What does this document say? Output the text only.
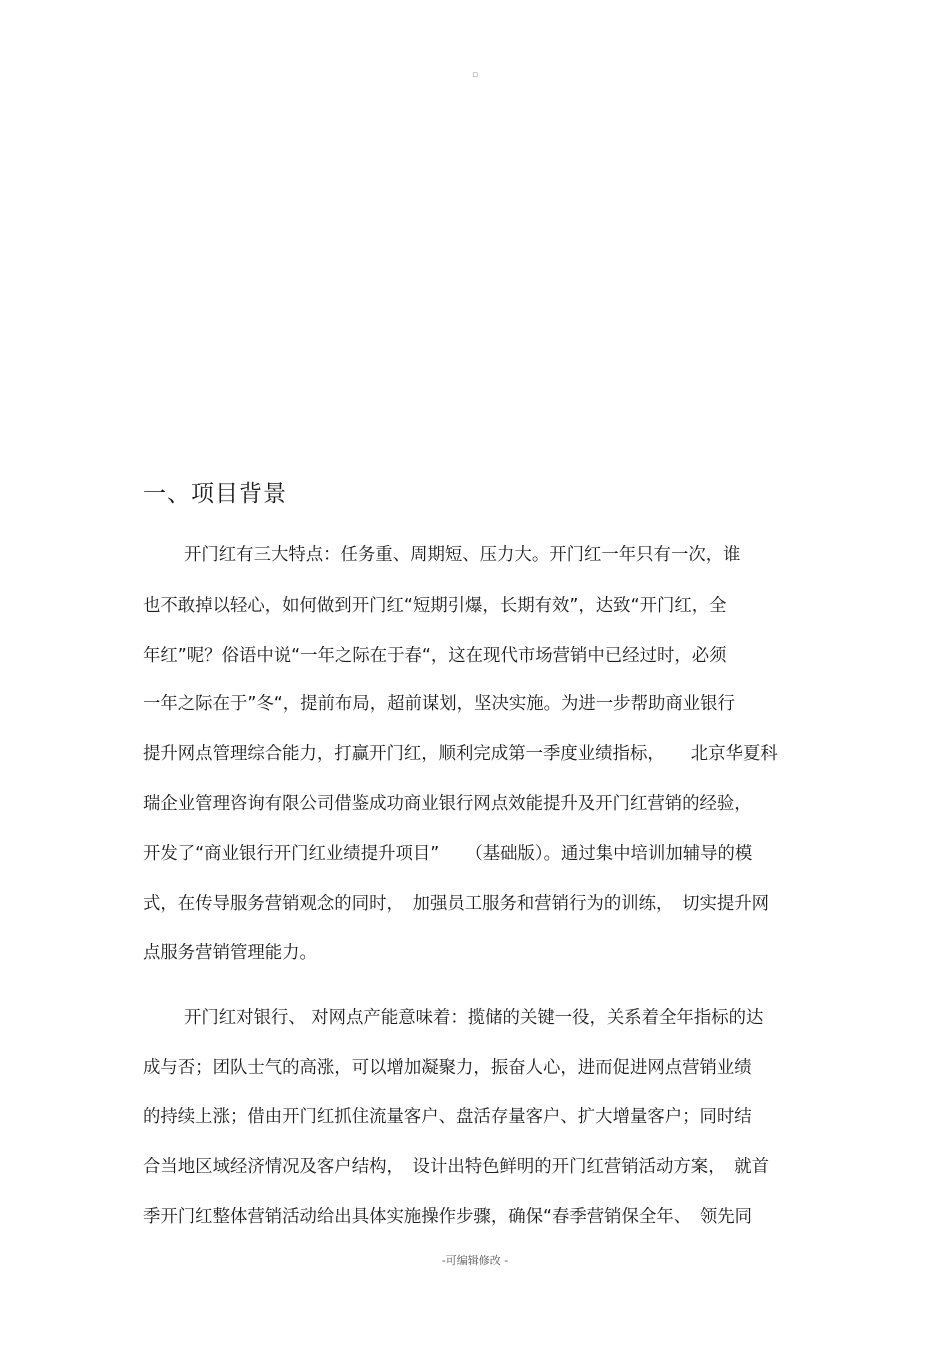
▫
一、项目背景
开门红有三大特点：任务重、周期短、压力大。开门红一年只有一次，谁
也不敢掉以轻心，如何做到开门红“短期引爆，长期有效”，达致“开门红，全
年红”呢？俗语中说“一年之际在于春“，这在现代市场营销中已经过时，必须
一年之际在于”冬“，提前布局，超前谋划，坚决实施。为进一步帮助商业银行
提升网点管理综合能力，打赢开门红，顺利完成第一季度业绩指标，　　北京华夏科
瑞企业管理咨询有限公司借鉴成功商业银行网点效能提升及开门红营销的经验，
开发了“商业银行开门红业绩提升项目”　　（基础版）。通过集中培训加辅导的模
式，在传导服务营销观念的同时，　加强员工服务和营销行为的训练，　切实提升网
点服务营销管理能力。
开门红对银行、 对网点产能意味着：揽储的关键一役，关系着全年指标的达
成与否；团队士气的高涨，可以增加凝聚力，振奋人心，进而促进网点营销业绩
的持续上涨；借由开门红抓住流量客户、盘活存量客户、扩大增量客户；同时结
合当地区域经济情况及客户结构，　设计出特色鲜明的开门红营销活动方案，　就首
季开门红整体营销活动给出具体实施操作步骤，确保“春季营销保全年、　领先同
-可编辑修改 -
